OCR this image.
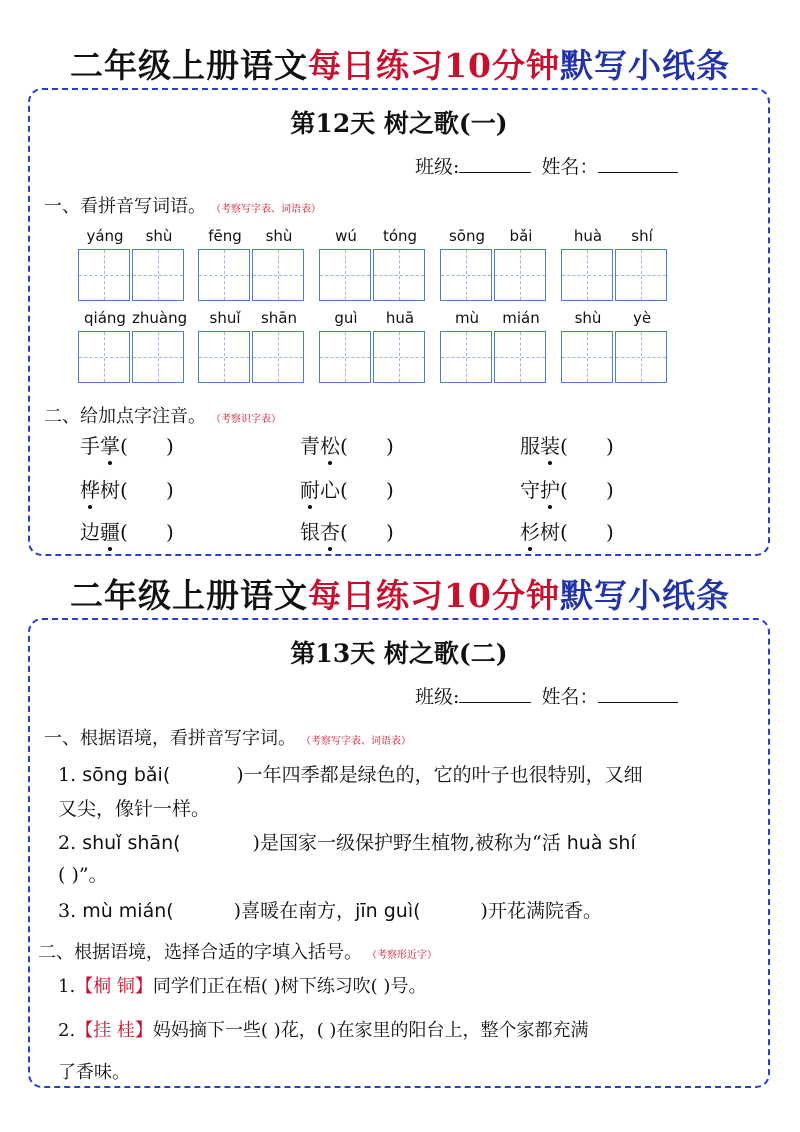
二年级上册语文每日练习10分钟默写小纸条
第12天 树之歌(一)
班级:	姓名：
一、看拼音写词语。 （考察写字表、词语表）
yáng	shù	fēng	shù	wú	tóng	sōng	bǎi	huà	shí
qiáng zhuàng	shuǐ	shān	guì	huā	mù	mián	shù	yè
二、给加点字注音。 （考察识字表）
手掌(      )	青松(      )	服装(      )
桦树(      )	耐心(      )	守护(      )
边疆(      )	银杏(      )	杉树(      )
二年级上册语文每日练习10分钟默写小纸条
第13天 树之歌(二)
班级:	姓名：
一、根据语境，看拼音写字词。 （考察写字表、词语表）
1. sōng bǎi(	)一年四季都是绿色的，它的叶子也很特别，又细
又尖，像针一样。
2. shuǐ shān(	)是国家一级保护野生植物,被称为“活 huà shí
( )”。
3. mù mián(	)喜暖在南方，jīn guì(	)开花满院香。
二、根据语境，选择合适的字填入括号。 （考察形近字）
1.【桐 铜】同学们正在梧( )树下练习吹( )号。
2.【挂 桂】妈妈摘下一些( )花，( )在家里的阳台上，整个家都充满
了香味。
